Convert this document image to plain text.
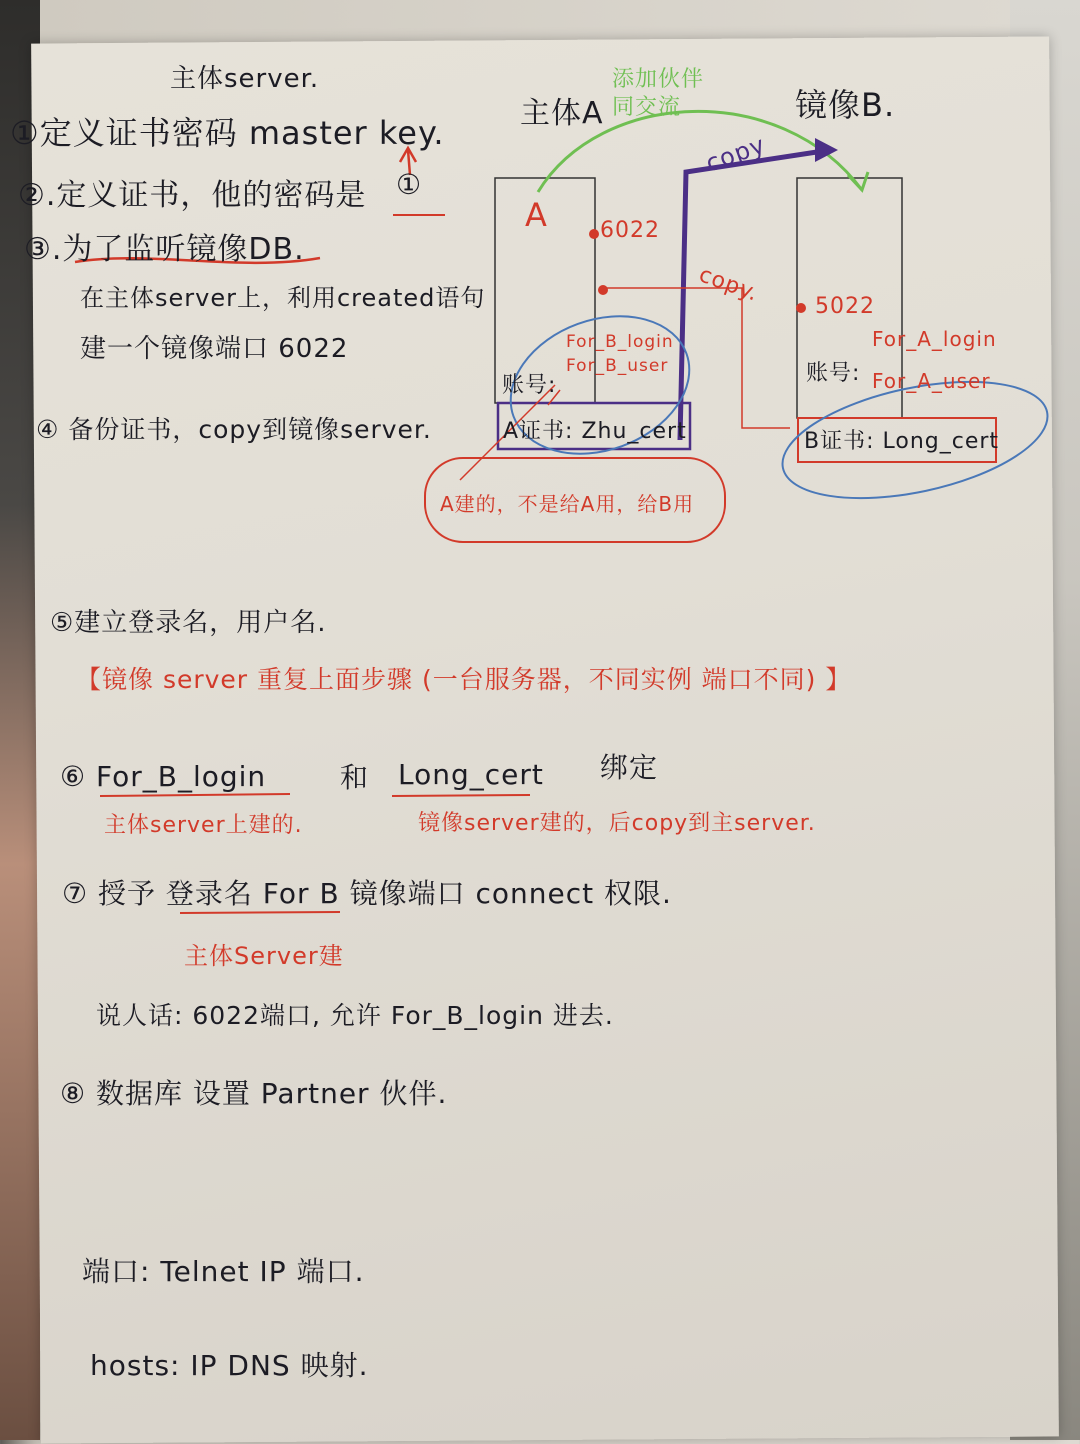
主体server.
①定义证书密码 master key.
②.定义证书，他的密码是 ①
③.为了监听镜像DB.
在主体server上，利用created语句
建一个镜像端口 6022
④ 备份证书，copy到镜像server.
主体A	镜像B.
添加伙伴 同交流
copy
copy.
A 6022
5022
账号:
For_B_login
For_B_user
A证书: Zhu_cert
账号:
For_A_login
For_A_user
B证书: Long_cert
A建的，不是给A用，给B用
⑤建立登录名，用户名.
【镜像 server 重复上面步骤 (一台服务器，不同实例 端口不同) 】
⑥ For_B_login	和 Long_cert 绑定
主体server上建的.	镜像server建的，后copy到主server.
⑦ 授予 登录名 For B 镜像端口 connect 权限.
主体Server建
说人话: 6022端口, 允许 For_B_login 进去.
⑧ 数据库 设置 Partner 伙伴.
端口: Telnet IP 端口.
hosts: IP DNS 映射.
